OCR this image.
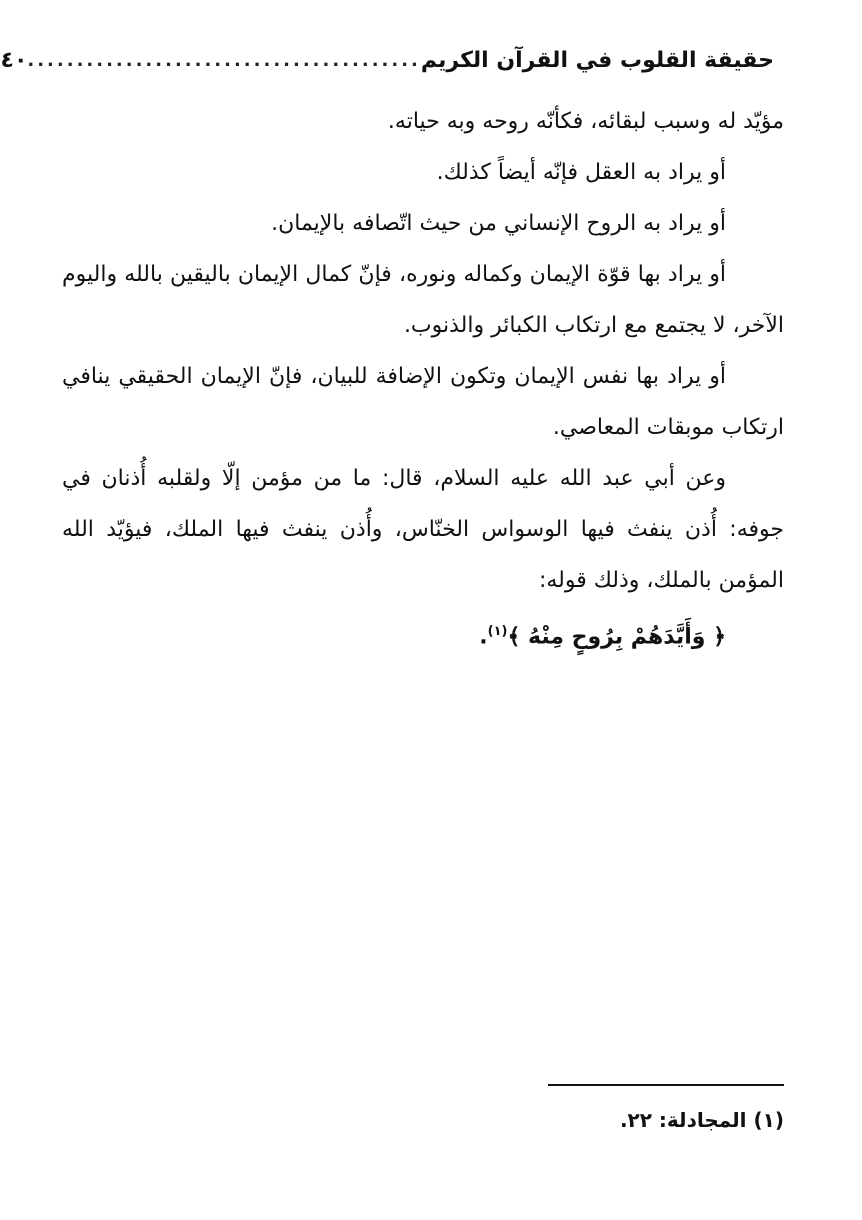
حقيقة القلوب في القرآن الكريم
........................................
٤٠

مؤيّد له وسبب لبقائه، فكأنّه روحه وبه حياته.

أو يراد به العقل فإنّه أيضاً كذلك.

أو يراد به الروح الإنساني من حيث اتّصافه بالإيمان.

أو يراد بها قوّة الإيمان وكماله ونوره، فإنّ كمال الإيمان باليقين بالله واليوم الآخر، لا يجتمع مع ارتكاب الكبائر والذنوب.

أو يراد بها نفس الإيمان وتكون الإضافة للبيان، فإنّ الإيمان الحقيقي ينافي ارتكاب موبقات المعاصي.

وعن أبي عبد الله عليه السلام، قال: ما من مؤمن إلّا ولقلبه أُذنان في جوفه: أُذن ينفث فيها الوسواس الخنّاس، وأُذن ينفث فيها الملك، فيؤيّد الله المؤمن بالملك، وذلك قوله:

﴿ وَأَيَّدَهُمْ بِرُوحٍ مِنْهُ ﴾$^{(١)}$.

(١) المجادلة: ٢٢.
